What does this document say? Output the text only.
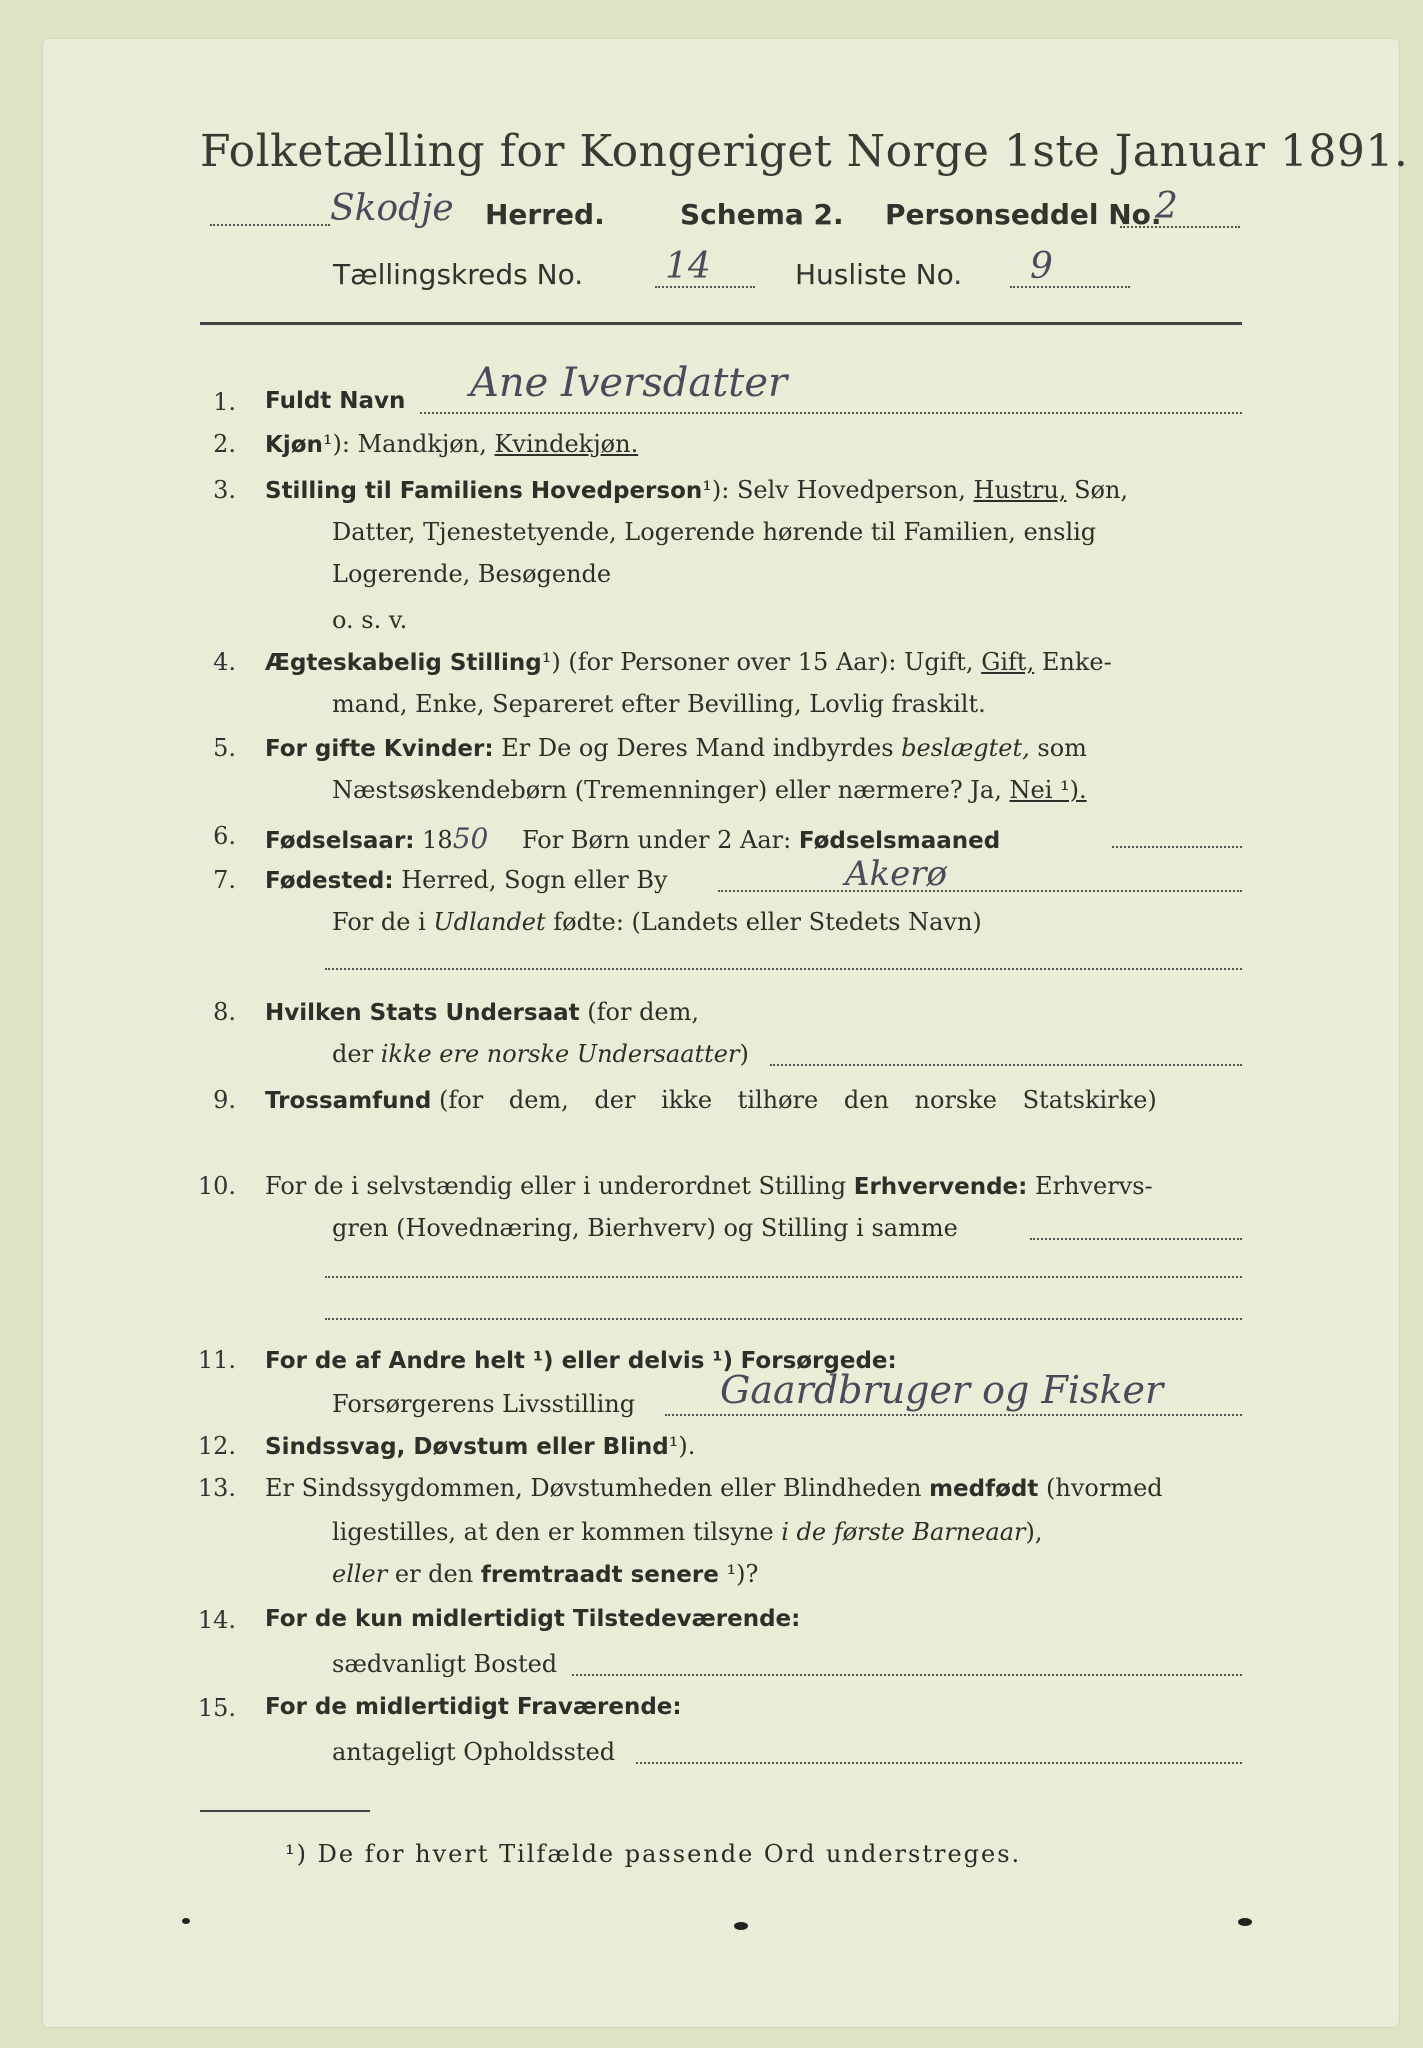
Folketælling for Kongeriget Norge 1ste Januar 1891.
Skodje Herred.	Schema 2. Personseddel No.
2
Tællingskreds No. 14	Husliste No. 9
1. Fuldt Navn Ane Iversdatter
2. Kjøn¹): Mandkjøn, Kvindekjøn.
3. Stilling til Familiens Hovedperson¹): Selv Hovedperson, Hustru, Søn,
Datter, Tjenestetyende, Logerende hørende til Familien, enslig
Logerende, Besøgende
o. s. v.
4. Ægteskabelig Stilling¹) (for Personer over 15 Aar): Ugift, Gift, Enke-
mand, Enke, Separeret efter Bevilling, Lovlig fraskilt.
5. For gifte Kvinder: Er De og Deres Mand indbyrdes beslægtet, som
Næstsøskendebørn (Tremenninger) eller nærmere? Ja, Nei ¹).
6. Fødselsaar: 1850 For Børn under 2 Aar: Fødselsmaaned
7. Fødested: Herred, Sogn eller By	Akerø
For de i Udlandet fødte: (Landets eller Stedets Navn)
8. Hvilken Stats Undersaat (for dem,
der ikke ere norske Undersaatter)
9. Trossamfund (for dem, der ikke tilhøre den norske Statskirke)
10. For de i selvstændig eller i underordnet Stilling Erhvervende: Erhvervs-
gren (Hovednæring, Bierhverv) og Stilling i samme
11. For de af Andre helt ¹) eller delvis ¹) Forsørgede:
Forsørgerens Livsstilling Gaardbruger og Fisker
12. Sindssvag, Døvstum eller Blind¹).
13. Er Sindssygdommen, Døvstumheden eller Blindheden medfødt (hvormed
ligestilles, at den er kommen tilsyne i de første Barneaar),
eller er den fremtraadt senere ¹)?
14. For de kun midlertidigt Tilstedeværende:
sædvanligt Bosted
15. For de midlertidigt Fraværende:
antageligt Opholdssted
¹) De for hvert Tilfælde passende Ord understreges.
